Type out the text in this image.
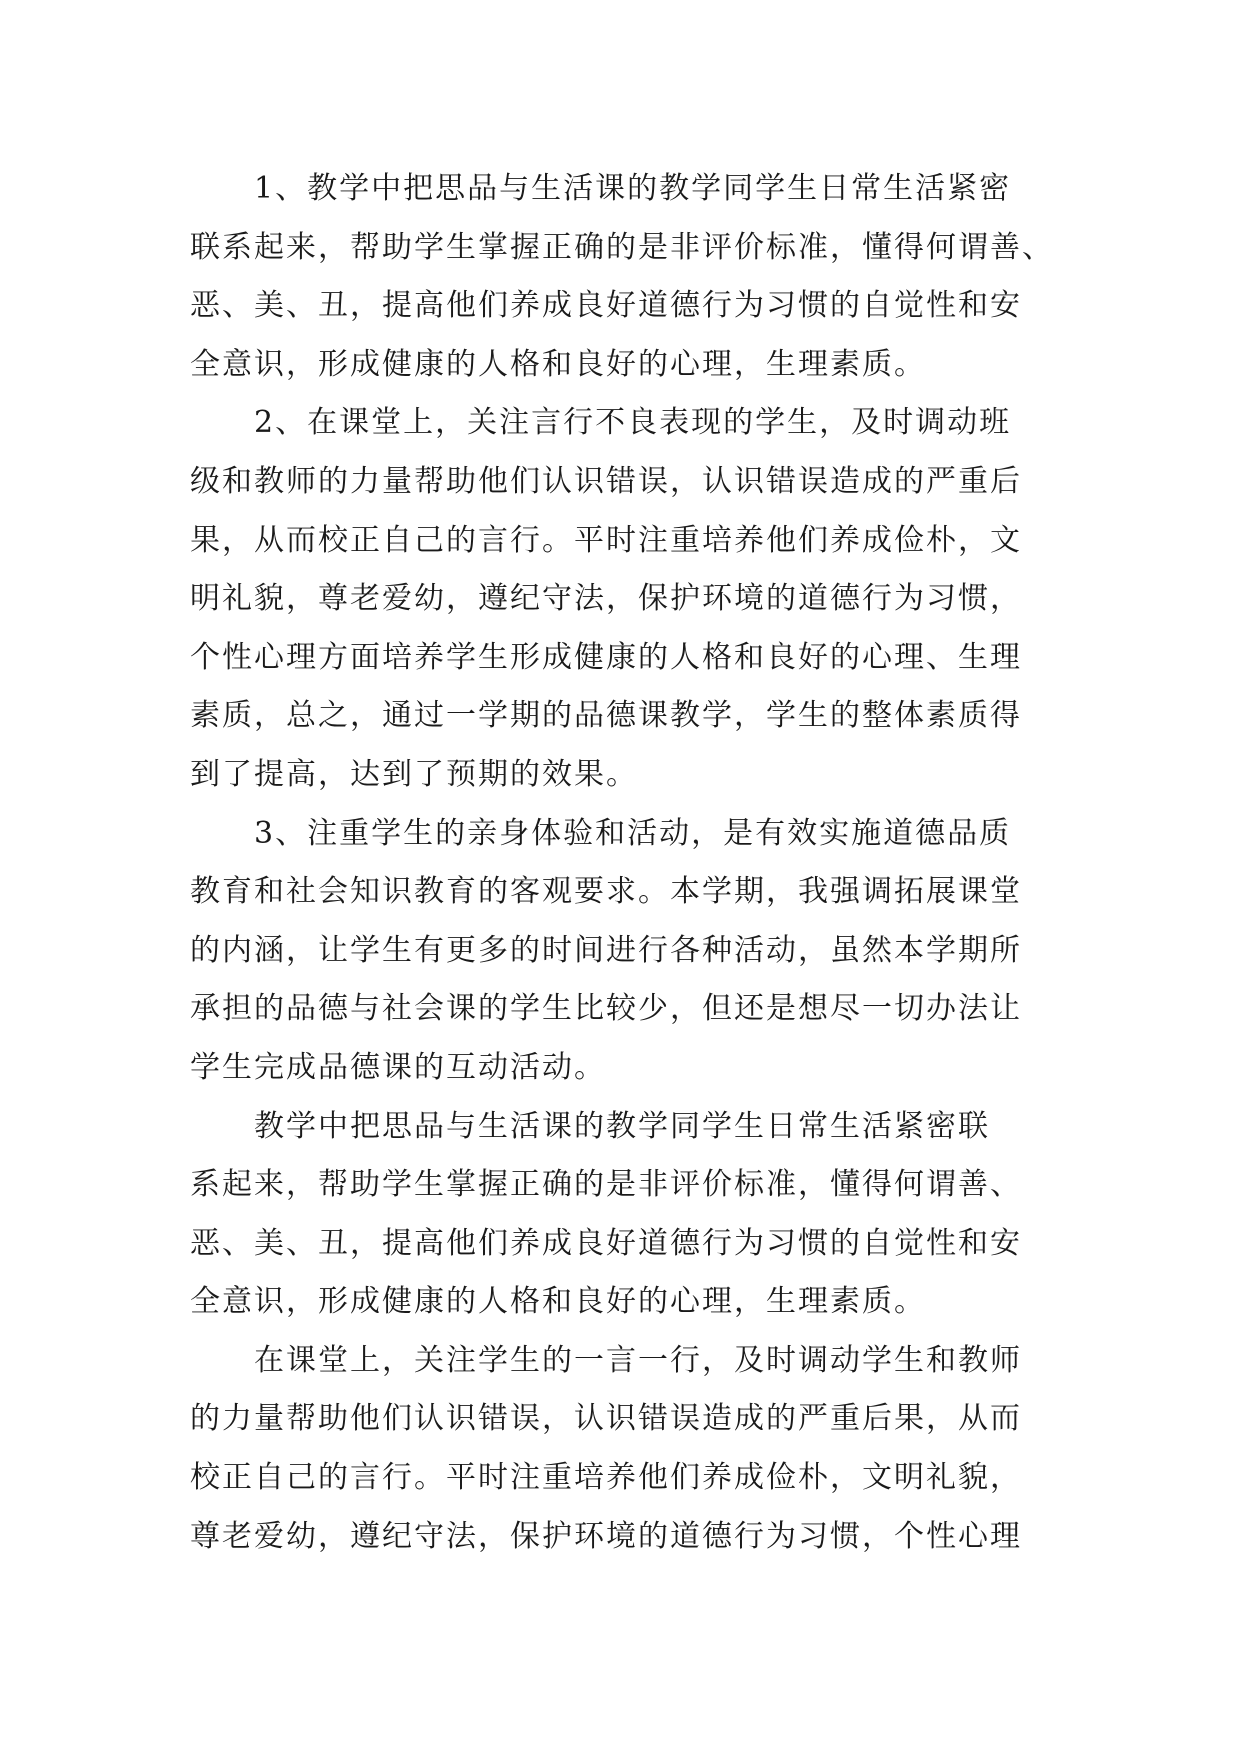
1、教学中把思品与生活课的教学同学生日常生活紧密
联系起来，帮助学生掌握正确的是非评价标准，懂得何谓善、
恶、美、丑，提高他们养成良好道德行为习惯的自觉性和安
全意识，形成健康的人格和良好的心理，生理素质。
2、在课堂上，关注言行不良表现的学生，及时调动班
级和教师的力量帮助他们认识错误，认识错误造成的严重后
果，从而校正自己的言行。平时注重培养他们养成俭朴，文
明礼貌，尊老爱幼，遵纪守法，保护环境的道德行为习惯，
个性心理方面培养学生形成健康的人格和良好的心理、生理
素质，总之，通过一学期的品德课教学，学生的整体素质得
到了提高，达到了预期的效果。
3、注重学生的亲身体验和活动，是有效实施道德品质
教育和社会知识教育的客观要求。本学期，我强调拓展课堂
的内涵，让学生有更多的时间进行各种活动，虽然本学期所
承担的品德与社会课的学生比较少，但还是想尽一切办法让
学生完成品德课的互动活动。
教学中把思品与生活课的教学同学生日常生活紧密联
系起来，帮助学生掌握正确的是非评价标准，懂得何谓善、
恶、美、丑，提高他们养成良好道德行为习惯的自觉性和安
全意识，形成健康的人格和良好的心理，生理素质。
在课堂上，关注学生的一言一行，及时调动学生和教师
的力量帮助他们认识错误，认识错误造成的严重后果，从而
校正自己的言行。平时注重培养他们养成俭朴，文明礼貌，
尊老爱幼，遵纪守法，保护环境的道德行为习惯，个性心理
